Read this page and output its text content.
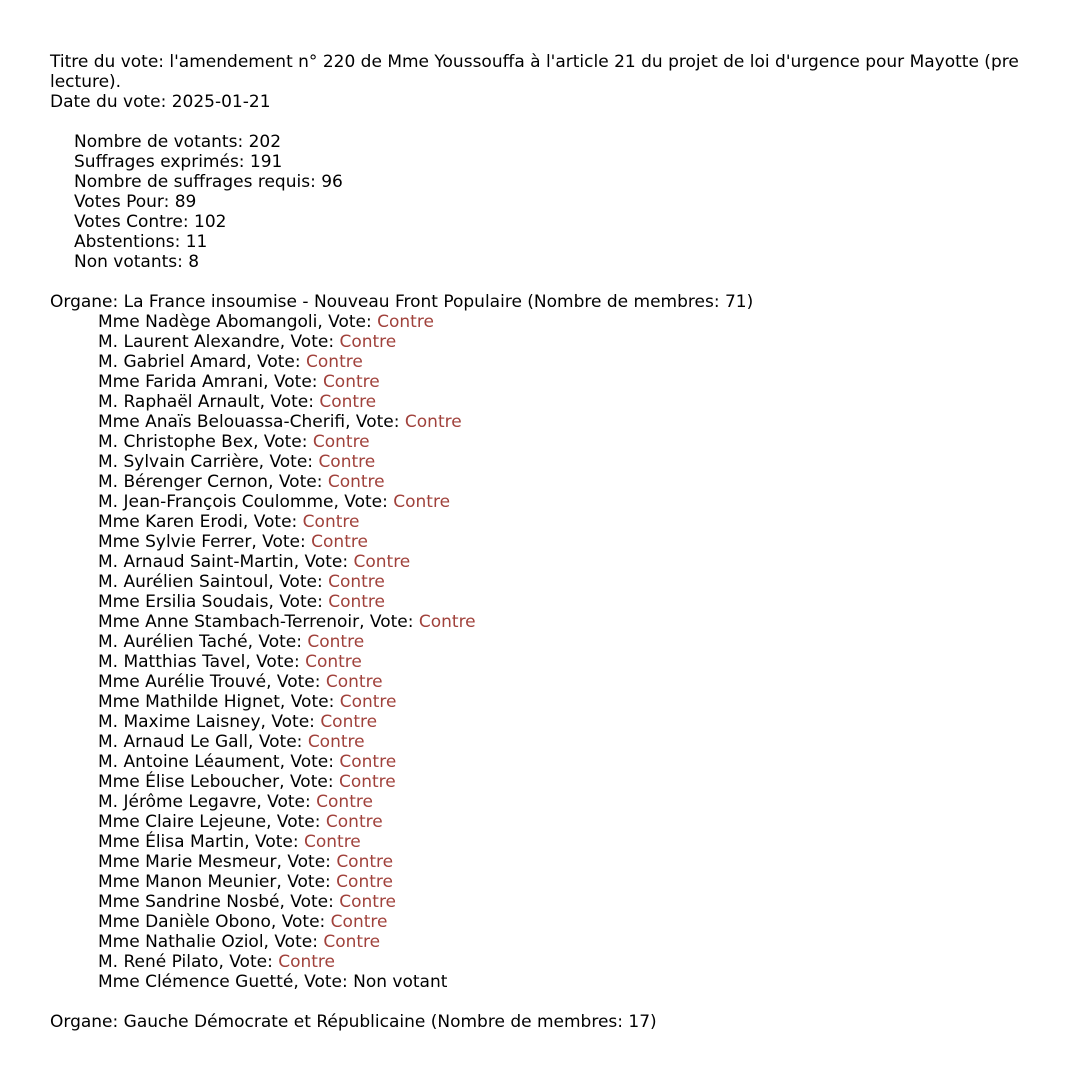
Titre du vote: l'amendement n° 220 de Mme Youssouffa à l'article 21 du projet de loi d'urgence pour Mayotte (pre
lecture).
Date du vote: 2025-01-21
Nombre de votants: 202
Suffrages exprimés: 191
Nombre de suffrages requis: 96
Votes Pour: 89
Votes Contre: 102
Abstentions: 11
Non votants: 8
Organe: La France insoumise - Nouveau Front Populaire (Nombre de membres: 71)
Mme Nadège Abomangoli, Vote: Contre
M. Laurent Alexandre, Vote: Contre
M. Gabriel Amard, Vote: Contre
Mme Farida Amrani, Vote: Contre
M. Raphaël Arnault, Vote: Contre
Mme Anaïs Belouassa-Cherifi, Vote: Contre
M. Christophe Bex, Vote: Contre
M. Sylvain Carrière, Vote: Contre
M. Bérenger Cernon, Vote: Contre
M. Jean-François Coulomme, Vote: Contre
Mme Karen Erodi, Vote: Contre
Mme Sylvie Ferrer, Vote: Contre
M. Arnaud Saint-Martin, Vote: Contre
M. Aurélien Saintoul, Vote: Contre
Mme Ersilia Soudais, Vote: Contre
Mme Anne Stambach-Terrenoir, Vote: Contre
M. Aurélien Taché, Vote: Contre
M. Matthias Tavel, Vote: Contre
Mme Aurélie Trouvé, Vote: Contre
Mme Mathilde Hignet, Vote: Contre
M. Maxime Laisney, Vote: Contre
M. Arnaud Le Gall, Vote: Contre
M. Antoine Léaument, Vote: Contre
Mme Élise Leboucher, Vote: Contre
M. Jérôme Legavre, Vote: Contre
Mme Claire Lejeune, Vote: Contre
Mme Élisa Martin, Vote: Contre
Mme Marie Mesmeur, Vote: Contre
Mme Manon Meunier, Vote: Contre
Mme Sandrine Nosbé, Vote: Contre
Mme Danièle Obono, Vote: Contre
Mme Nathalie Oziol, Vote: Contre
M. René Pilato, Vote: Contre
Mme Clémence Guetté, Vote: Non votant
Organe: Gauche Démocrate et Républicaine (Nombre de membres: 17)
